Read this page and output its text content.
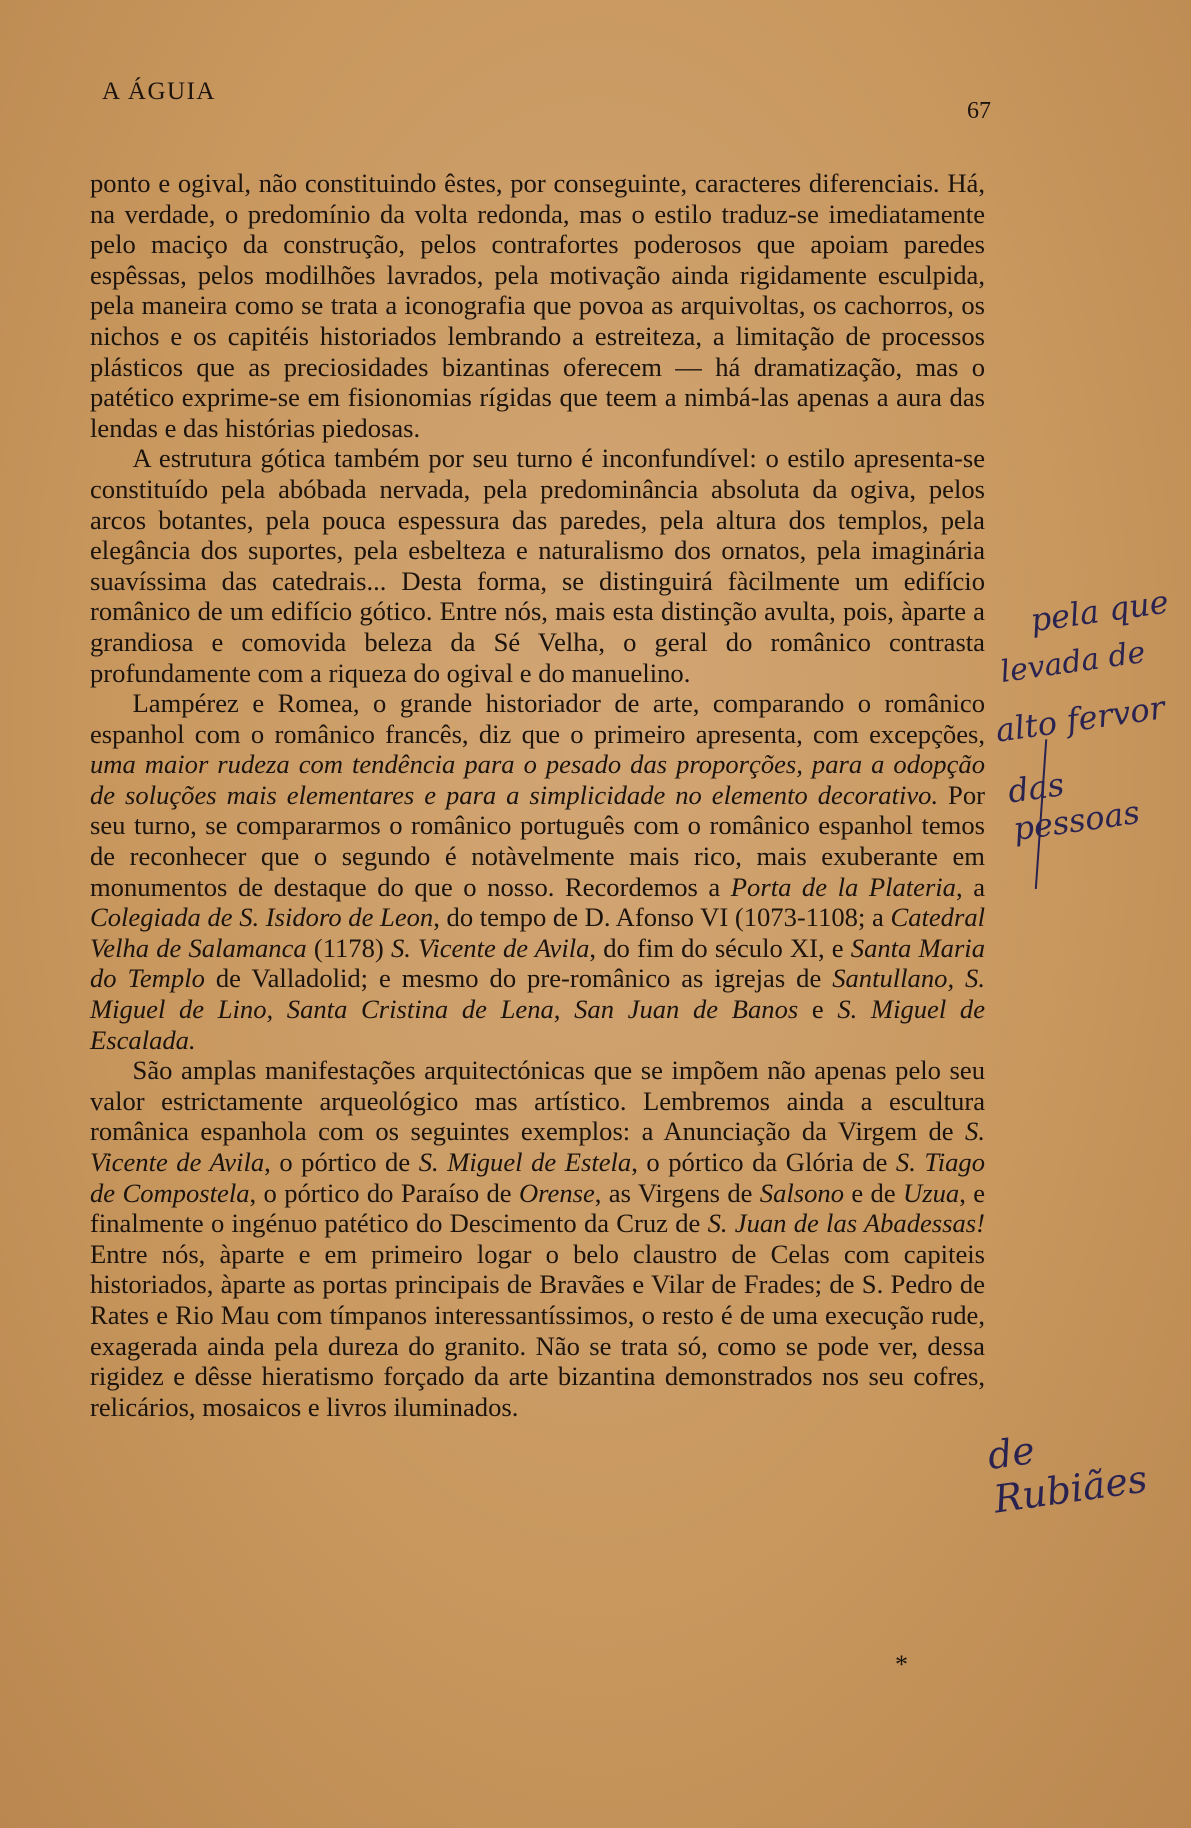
A ÁGUIA
67

ponto e ogival, não constituindo êstes, por conseguinte, caracteres diferenciais. Há, na verdade, o predomínio da volta redonda, mas o estilo traduz-se imediatamente pelo maciço da construção, pelos contrafortes poderosos que apoiam paredes espêssas, pelos modilhões lavrados, pela motivação ainda rigidamente esculpida, pela maneira como se trata a iconografia que povoa as arquivoltas, os cachorros, os nichos e os capitéis historiados lembrando a estreiteza, a limitação de processos plásticos que as preciosidades bizantinas oferecem — há dramatização, mas o patético exprime-se em fisionomias rígidas que teem a nimbá-las apenas a aura das lendas e das histórias piedosas.

A estrutura gótica também por seu turno é inconfundível: o estilo apresenta-se constituído pela abóbada nervada, pela predominância absoluta da ogiva, pelos arcos botantes, pela pouca espessura das paredes, pela altura dos templos, pela elegância dos suportes, pela esbelteza e naturalismo dos ornatos, pela imaginária suavíssima das catedrais... Desta forma, se distinguirá fàcilmente um edifício românico de um edifício gótico. Entre nós, mais esta distinção avulta, pois, àparte a grandiosa e comovida beleza da Sé Velha, o geral do românico contrasta profundamente com a riqueza do ogival e do manuelino.

Lampérez e Romea, o grande historiador de arte, comparando o românico espanhol com o românico francês, diz que o primeiro apresenta, com excepções, uma maior rudeza com tendência para o pesado das proporções, para a odopção de soluções mais elementares e para a simplicidade no elemento decorativo. Por seu turno, se compararmos o românico português com o românico espanhol temos de reconhecer que o segundo é notàvelmente mais rico, mais exuberante em monumentos de destaque do que o nosso. Recordemos a Porta de la Plateria, a Colegiada de S. Isidoro de Leon, do tempo de D. Afonso VI (1073-1108; a Catedral Velha de Salamanca (1178) S. Vicente de Avila, do fim do século XI, e Santa Maria do Templo de Valladolid; e mesmo do pre-românico as igrejas de Santullano, S. Miguel de Lino, Santa Cristina de Lena, San Juan de Banos e S. Miguel de Escalada.

São amplas manifestações arquitectónicas que se impõem não apenas pelo seu valor estrictamente arqueológico mas artístico. Lembremos ainda a escultura românica espanhola com os seguintes exemplos: a Anunciação da Virgem de S. Vicente de Avila, o pórtico de S. Miguel de Estela, o pórtico da Glória de S. Tiago de Compostela, o pórtico do Paraíso de Orense, as Virgens de Salsono e de Uzua, e finalmente o ingénuo patético do Descimento da Cruz de S. Juan de las Abadessas! Entre nós, àparte e em primeiro logar o belo claustro de Celas com capiteis historiados, àparte as portas principais de Bravães e Vilar de Frades; de S. Pedro de Rates e Rio Mau com tímpanos interessantíssimos, o resto é de uma execução rude, exagerada ainda pela dureza do granito. Não se trata só, como se pode ver, dessa rigidez e dêsse hieratismo forçado da arte bizantina demonstrados nos seu cofres, relicários, mosaicos e livros iluminados.

pela que
levada de
alto fervor
das pessoas
de Rubiães
*
